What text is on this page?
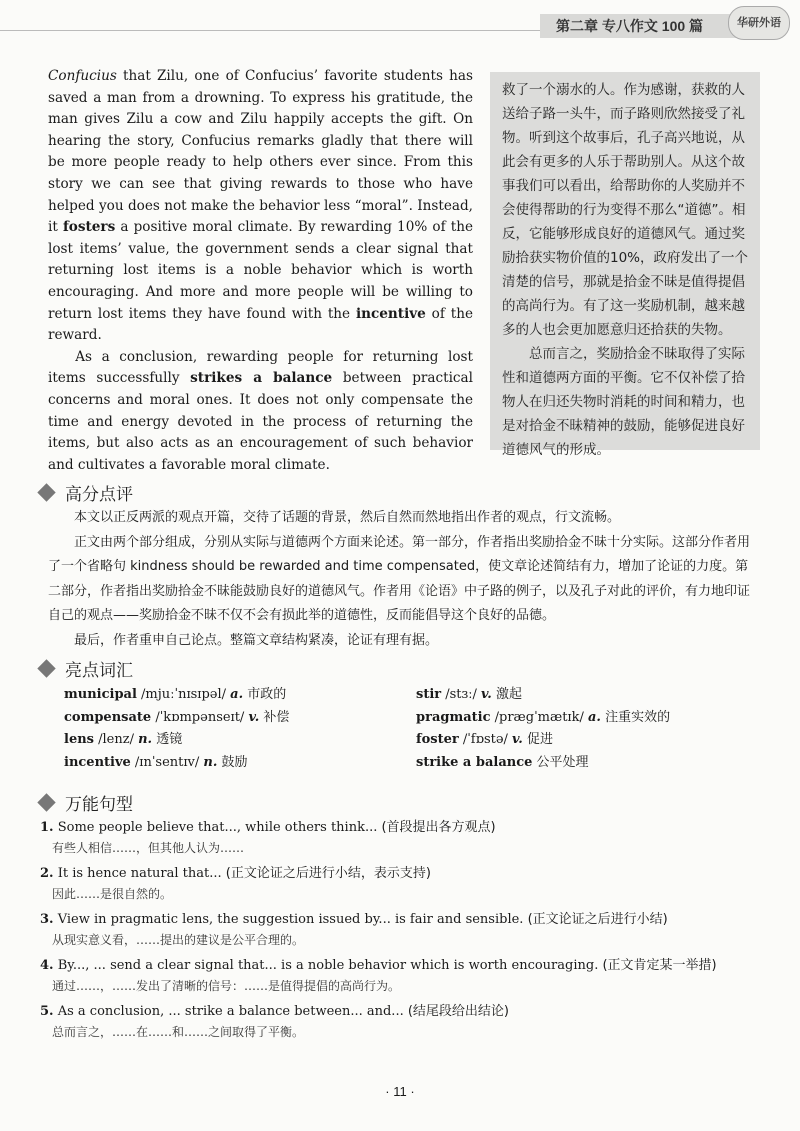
第二章 专八作文 100 篇	华研外语

Confucius that Zilu, one of Confucius’ favorite students has saved a man from a drowning. To express his gratitude, the man gives Zilu a cow and Zilu happily accepts the gift. On hearing the story, Confucius remarks gladly that there will be more people ready to help others ever since. From this story we can see that giving rewards to those who have helped you does not make the behavior less “moral”. Instead, it fosters a positive moral climate. By rewarding 10% of the lost items’ value, the government sends a clear signal that returning lost items is a noble behavior which is worth encouraging. And more and more people will be willing to return lost items they have found with the incentive of the reward.

As a conclusion, rewarding people for returning lost items successfully strikes a balance between practical concerns and moral ones. It does not only compensate the time and energy devoted in the process of returning the items, but also acts as an encouragement of such behavior and cultivates a favorable moral climate.

救了一个溺水的人。作为感谢，获救的人送给子路一头牛，而子路则欣然接受了礼物。听到这个故事后，孔子高兴地说，从此会有更多的人乐于帮助别人。从这个故事我们可以看出，给帮助你的人奖励并不会使得帮助的行为变得不那么“道德”。相反，它能够形成良好的道德风气。通过奖励拾获实物价值的10%，政府发出了一个清楚的信号，那就是拾金不昧是值得提倡的高尚行为。有了这一奖励机制，越来越多的人也会更加愿意归还拾获的失物。

总而言之，奖励拾金不昧取得了实际性和道德两方面的平衡。它不仅补偿了拾物人在归还失物时消耗的时间和精力，也是对拾金不昧精神的鼓励，能够促进良好道德风气的形成。

高分点评

本文以正反两派的观点开篇，交待了话题的背景，然后自然而然地指出作者的观点，行文流畅。

正文由两个部分组成，分别从实际与道德两个方面来论述。第一部分，作者指出奖励拾金不昧十分实际。这部分作者用了一个省略句 kindness should be rewarded and time compensated，使文章论述简结有力，增加了论证的力度。第二部分，作者指出奖励拾金不昧能鼓励良好的道德风气。作者用《论语》中子路的例子，以及孔子对此的评价，有力地印证自己的观点——奖励拾金不昧不仅不会有损此举的道德性，反而能倡导这个良好的品德。

最后，作者重申自己论点。整篇文章结构紧凑，论证有理有据。

亮点词汇
municipal /mjuːˈnɪsɪpəl/ a. 市政的	stir /stɜː/ v. 激起
compensate /ˈkɒmpənseɪt/ v. 补偿	pragmatic /prægˈmætɪk/ a. 注重实效的
lens /lenz/ n. 透镜	foster /ˈfɒstə/ v. 促进
incentive /ɪnˈsentɪv/ n. 鼓励	strike a balance 公平处理
万能句型
1. Some people believe that..., while others think... (首段提出各方观点)
有些人相信……，但其他人认为……
2. It is hence natural that... (正文论证之后进行小结，表示支持)
因此……是很自然的。
3. View in pragmatic lens, the suggestion issued by... is fair and sensible. (正文论证之后进行小结)
从现实意义看，……提出的建议是公平合理的。
4. By..., ... send a clear signal that... is a noble behavior which is worth encouraging. (正文肯定某一举措)
通过……，……发出了清晰的信号：……是值得提倡的高尚行为。
5. As a conclusion, ... strike a balance between... and... (结尾段给出结论)
总而言之，……在……和……之间取得了平衡。
· 11 ·
